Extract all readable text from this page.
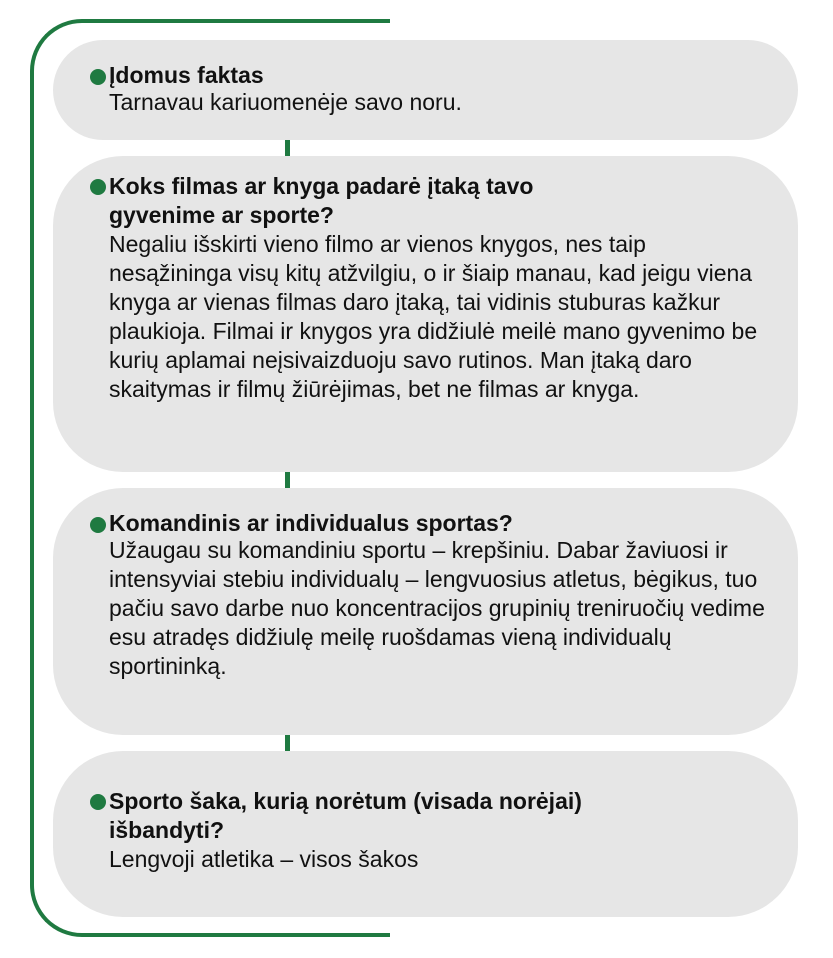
Įdomus faktas

Tarnavau kariuomenėje savo noru.

Koks filmas ar knyga padarė įtaką tavo gyvenime ar sporte?

Negaliu išskirti vieno filmo ar vienos knygos, nes taip nesąžininga visų kitų atžvilgiu, o ir šiaip manau, kad jeigu viena knyga ar vienas filmas daro įtaką, tai vidinis stuburas kažkur plaukioja. Filmai ir knygos yra didžiulė meilė mano gyvenimo be kurių aplamai neįsivaizduoju savo rutinos. Man įtaką daro skaitymas ir filmų žiūrėjimas, bet ne filmas ar knyga.

Komandinis ar individualus sportas?

Užaugau su komandiniu sportu – krepšiniu. Dabar žaviuosi ir intensyviai stebiu individualų – lengvuosius atletus, bėgikus, tuo pačiu savo darbe nuo koncentracijos grupinių treniruočių vedime esu atradęs didžiulę meilę ruošdamas vieną individualų sportininką.

Sporto šaka, kurią norėtum (visada norėjai) išbandyti?

Lengvoji atletika – visos šakos
